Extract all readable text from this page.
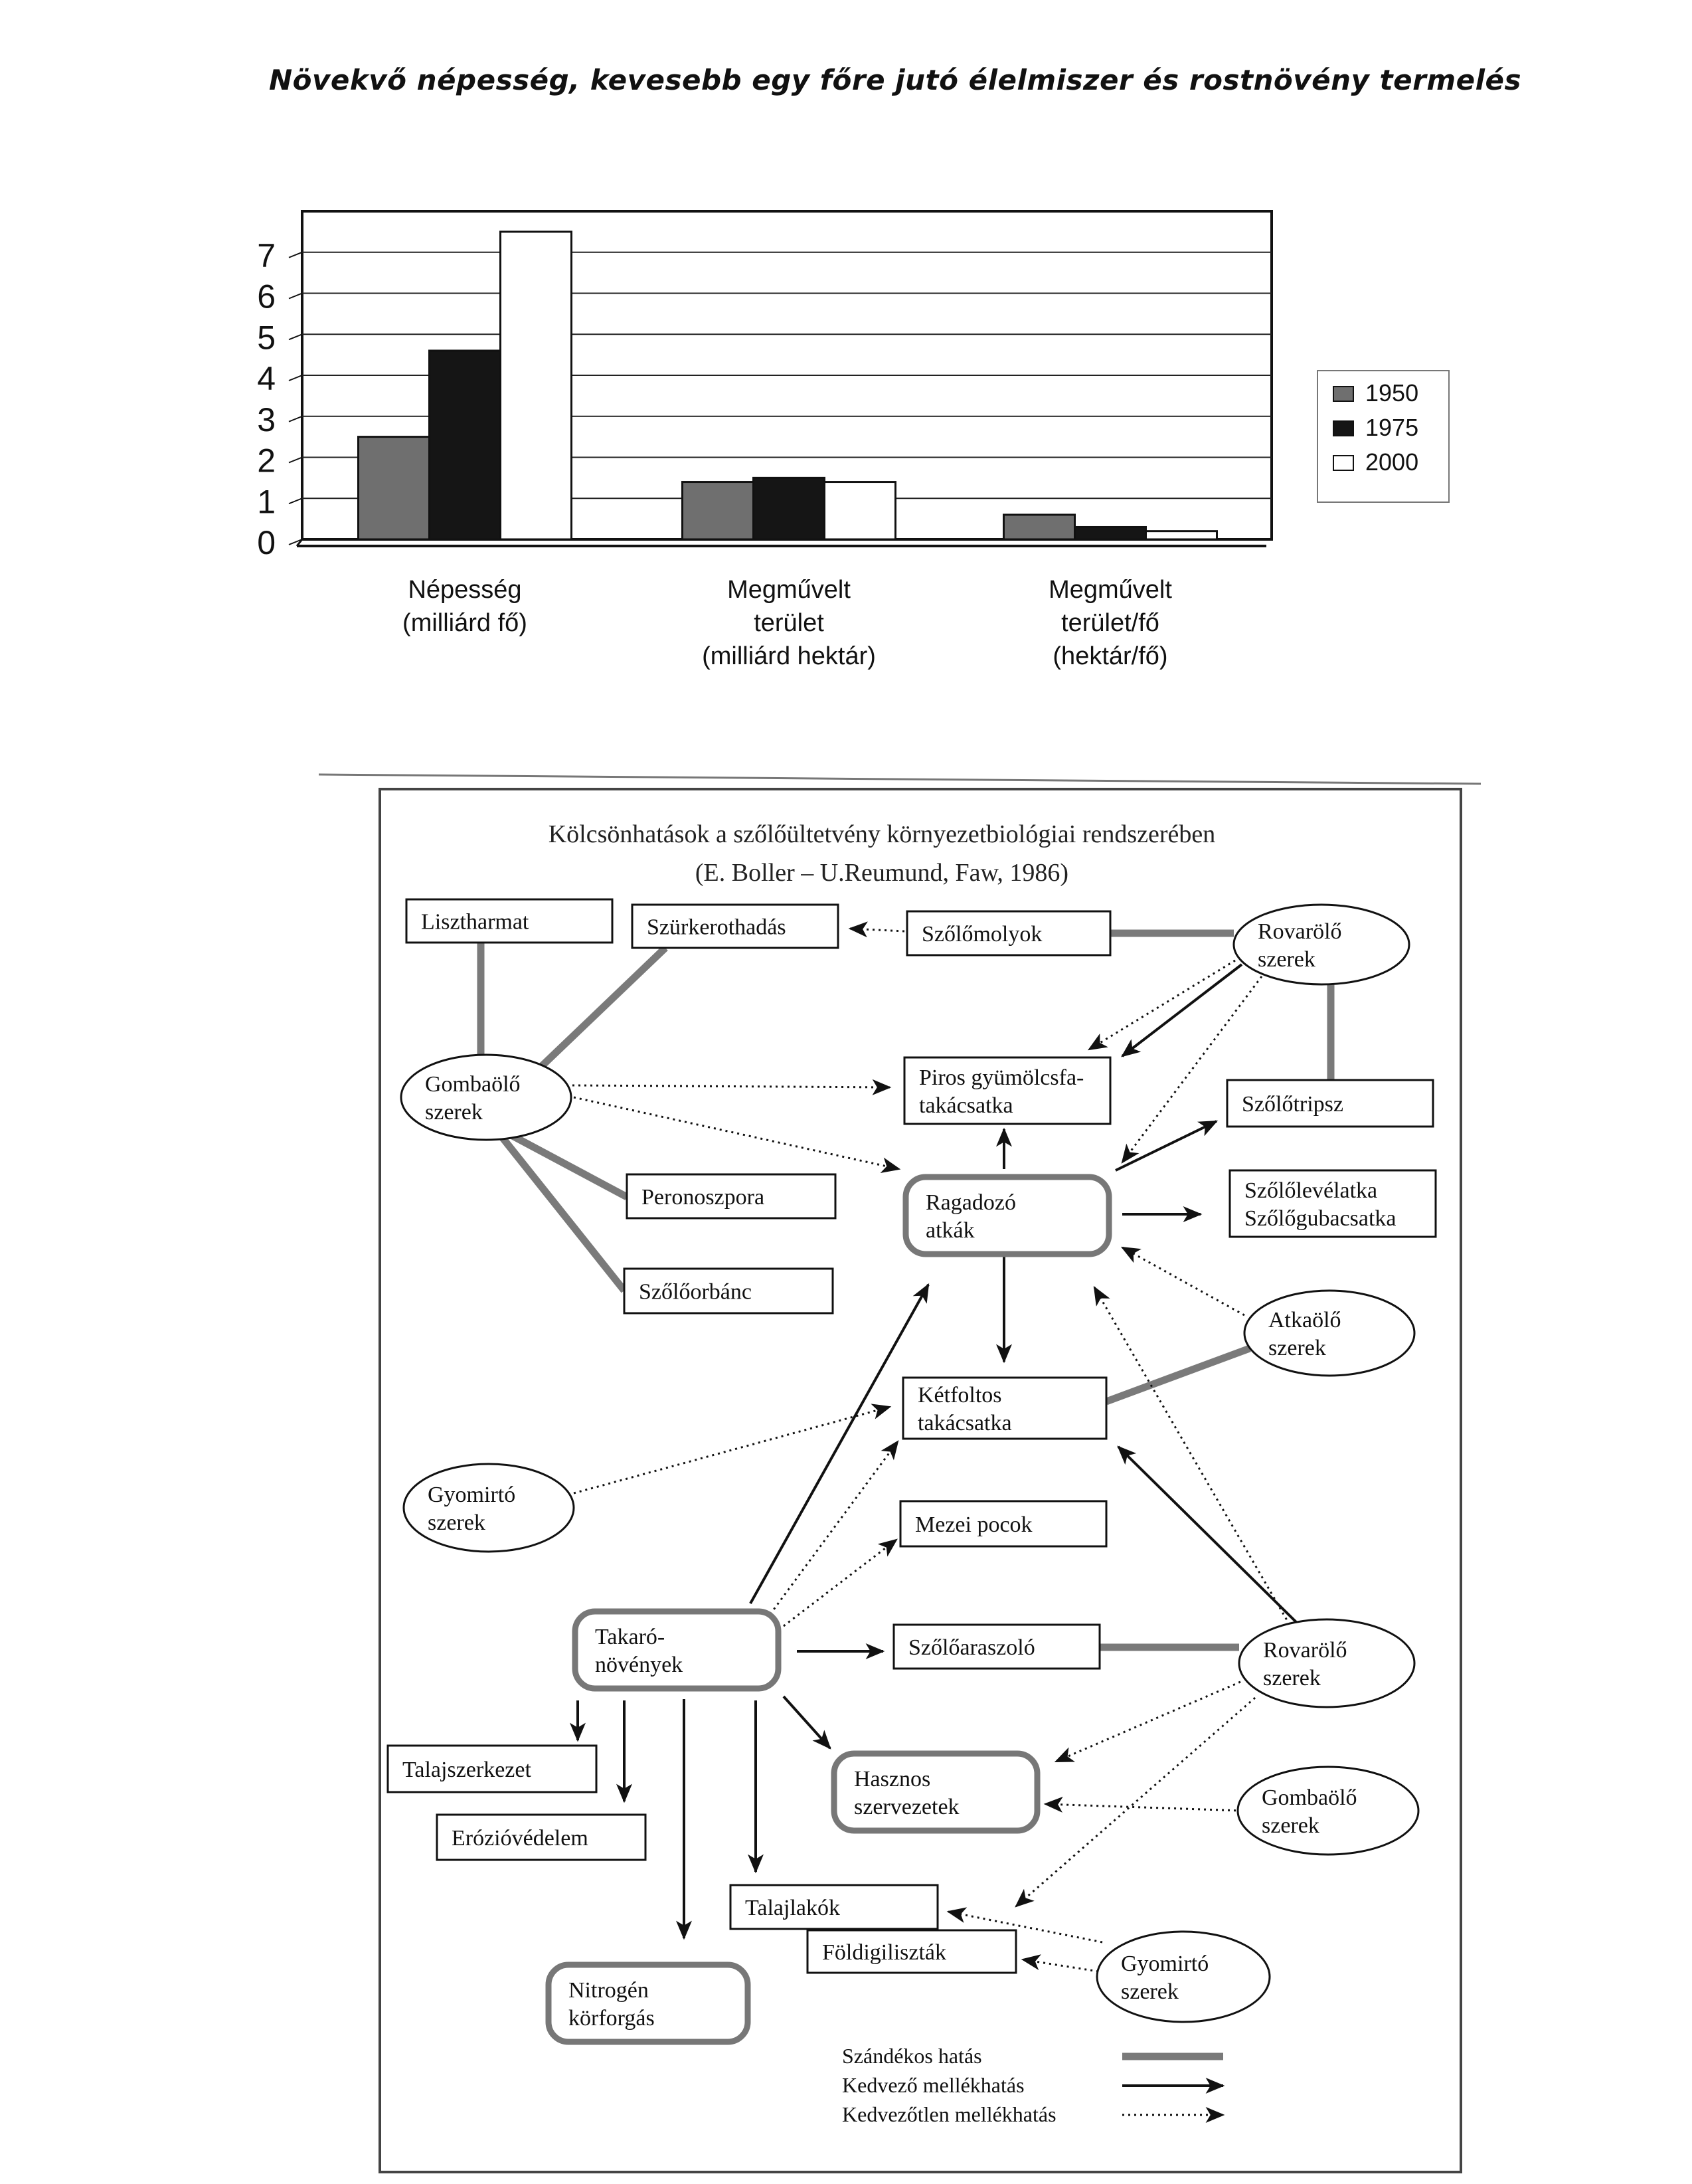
Növekvő népesség, kevesebb egy főre jutó élelmiszer és rostnövény termelés
0
1
2
3
4
5
6
7
Népesség
(milliárd fő)
Megművelt
terület
(milliárd hektár)
Megművelt
terület/fő
(hektár/fő)
1950
1975
2000
Kölcsönhatások a szőlőültetvény környezetbiológiai rendszerében
(E. Boller – U.Reumund, Faw, 1986)
Lisztharmat	Szürkerothadás	Szőlőmolyok	Rovarölő
szerek
Gombaölő
szerek
Piros gyümölcsfa-
takácsatka	Szőlőtripsz
Peronoszpora	Ragadozó
atkák
Szőlőlevélatka
Szőlőgubacsatka
Szőlőorbánc
Atkaölő
szerek
Kétfoltos
takácsatka
Gyomirtó
szerek	Mezei pocok
Takaró-
növények
Szőlőaraszoló	Rovarölő
szerek
Talajszerkezet	Hasznos
szervezetek	Gombaölő
szerek
Erózióvédelem
Talajlakók
Földigiliszták	Gyomirtó
szerek
Nitrogén
körforgás
Szándékos hatás
Kedvező mellékhatás
Kedvezőtlen mellékhatás
